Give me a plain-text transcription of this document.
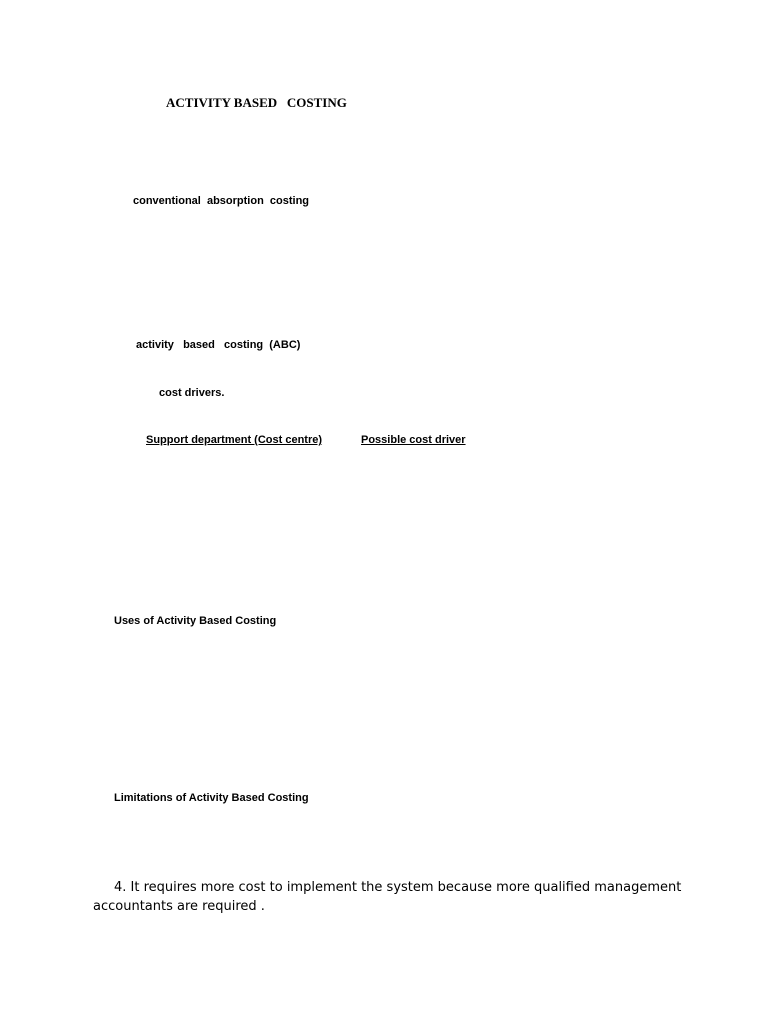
ACTIVITY BASED   COSTING

conventional  absorption  costing

activity   based   costing  (ABC)

cost drivers.

Support department (Cost centre)	Possible cost driver

Uses of Activity Based Costing
Limitations of Activity Based Costing

4. It requires more cost to implement the system because more qualified management

accountants are required .
